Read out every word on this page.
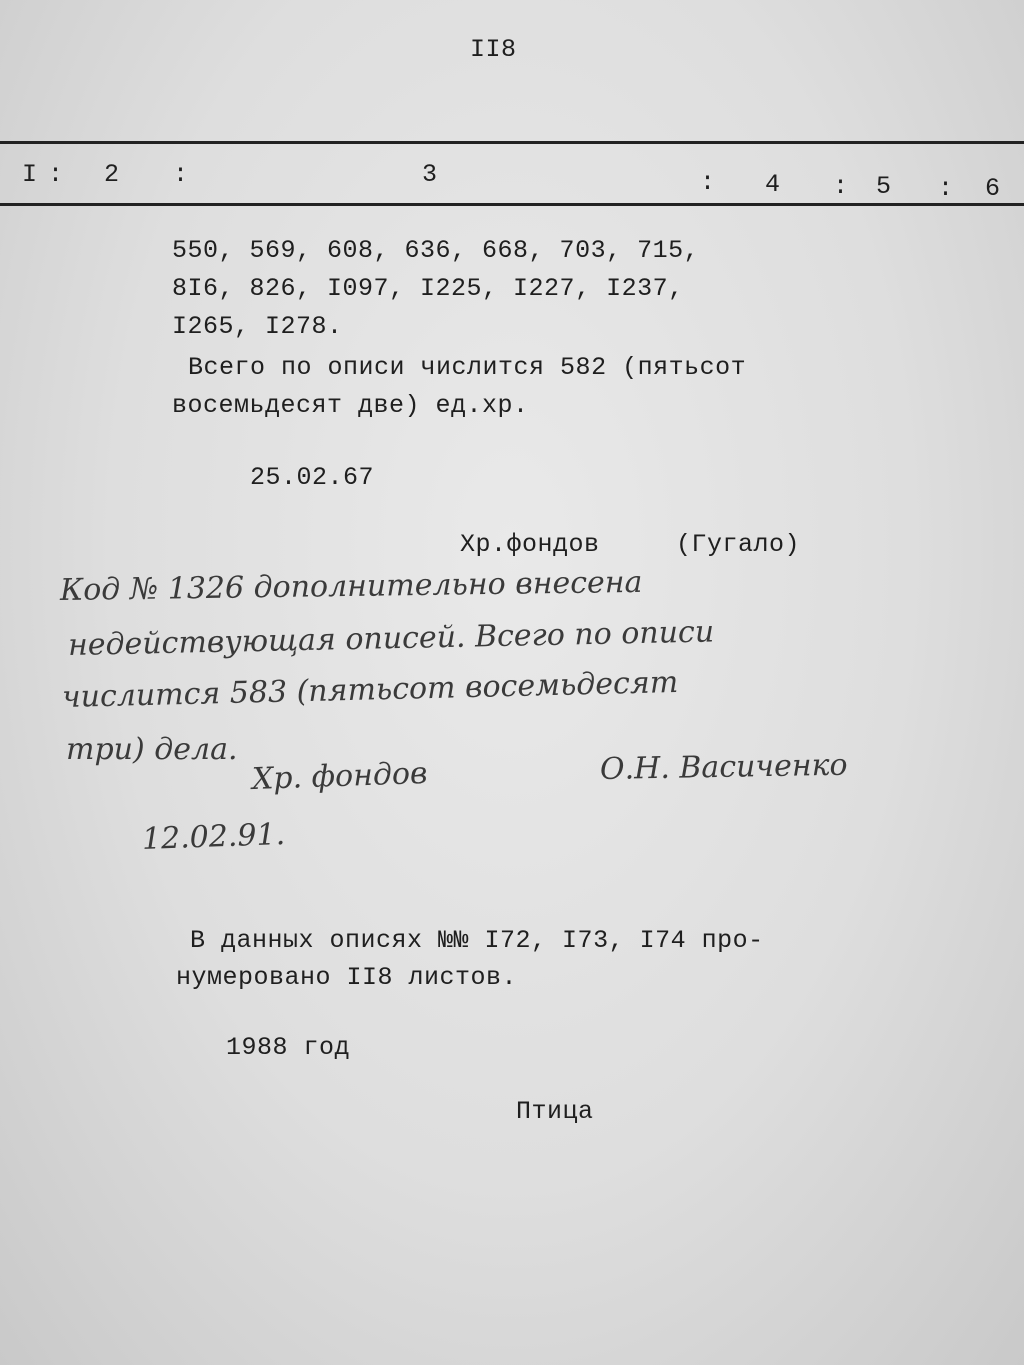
II8
I : 2 :	3	: 4 : 5 : 6
550, 569, 608, 636, 668, 703, 715,
8I6, 826, I097, I225, I227, I237,
I265, I278.
Всего по описи числится 582 (пятьсот
восемьдесят две) ед.хр.
25.02.67
Хр.фондов	(Гугало)
Код № 1326 дополнительно внесена
недействующая описей. Всего по описи
числится 583 (пятьсот восемьдесят
три) дела.
Хр. фондов	О.Н. Васиченко
12.02.91.
В данных описях №№ I72, I73, I74 про-
нумеровано II8 листов.
1988 год
Птица
